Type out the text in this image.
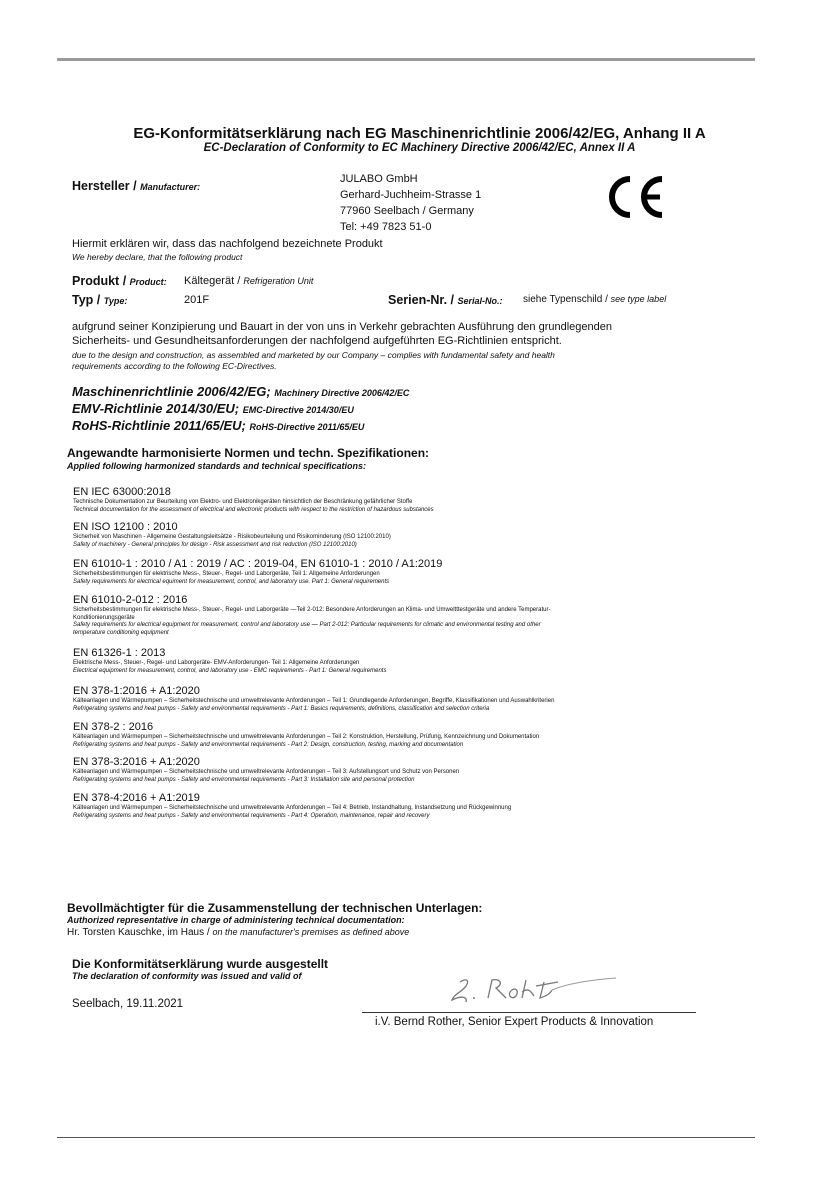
EG-Konformitätserklärung nach EG Maschinenrichtlinie 2006/42/EG, Anhang II A
EC-Declaration of Conformity to EC Machinery Directive 2006/42/EC, Annex II A
Hersteller / Manufacturer:
JULABO GmbH
Gerhard-Juchheim-Strasse 1
77960 Seelbach / Germany
Tel: +49 7823 51-0
Hiermit erklären wir, dass das nachfolgend bezeichnete Produkt
We hereby declare, that the following product
Produkt / Product: Kältegerät / Refrigeration Unit
Typ / Type:	201F	Serien-Nr. / Serial-No.: siehe Typenschild / see type label
aufgrund seiner Konzipierung und Bauart in der von uns in Verkehr gebrachten Ausführung den grundlegenden
Sicherheits- und Gesundheitsanforderungen der nachfolgend aufgeführten EG-Richtlinien entspricht.
due to the design and construction, as assembled and marketed by our Company – complies with fundamental safety and health
requirements according to the following EC-Directives.
Maschinenrichtlinie 2006/42/EG; Machinery Directive 2006/42/EC
EMV-Richtlinie 2014/30/EU; EMC-Directive 2014/30/EU
RoHS-Richtlinie 2011/65/EU; RoHS-Directive 2011/65/EU
Angewandte harmonisierte Normen und techn. Spezifikationen:
Applied following harmonized standards and technical specifications:
EN IEC 63000:2018
Technische Dokumentation zur Beurteilung von Elektro- und Elektronikgeräten hinsichtlich der Beschränkung gefährlicher Stoffe
Technical documentation for the assessment of electrical and electronic products with respect to the restriction of hazardous substances
EN ISO 12100 : 2010
Sicherheit von Maschinen - Allgemeine Gestaltungsleitsätze - Risikobeurteilung und Risikominderung (ISO 12100:2010)
Safety of machinery - General principles for design - Risk assessment and risk reduction (ISO 12100:2010)
EN 61010-1 : 2010 / A1 : 2019 / AC : 2019-04, EN 61010-1 : 2010 / A1:2019
Sicherheitsbestimmungen für elektrische Mess-, Steuer-, Regel- und Laborgeräte, Teil 1: Allgemeine Anforderungen
Safety requirements for electrical equiment for measurement, control, and laboratory use. Part 1: General requirements
EN 61010-2-012 : 2016
Sicherheitsbestimmungen für elektrische Mess-, Steuer-, Regel- und Laborgeräte —Teil 2-012: Besondere Anforderungen an Klima- und Umweltttestgeräte und andere Temperatur-
Konditionierungsgeräte
Safety requirements for electrical equipment for measurement, control and laboratory use — Part 2-012: Particular requirements for climatic and environmental testing and other
temperature conditioning equipment
EN 61326-1 : 2013
Elektrische Mess-, Steuer-, Regel- und Laborgeräte- EMV-Anforderungen- Teil 1: Allgemeine Anforderungen
Electrical equipment for measurement, control, and laboratory use - EMC requirements - Part 1: General requirements
EN 378-1:2016 + A1:2020
Kälteanlagen und Wärmepumpen – Sicherheitstechnische und umweltrelevante Anforderungen – Teil 1: Grundlegende Anforderungen, Begriffe, Klassifikationen und Auswahlkriterien
Refrigerating systems and heat pumps - Safety and environmental requirements - Part 1: Basics requirements, definitions, classification and selection criteria
EN 378-2 : 2016
Kälteanlagen und Wärmepumpen – Sicherheitstechnische und umweltrelevante Anforderungen – Teil 2: Konstruktion, Herstellung, Prüfung, Kennzeichnung und Dokumentation
Refrigerating systems and heat pumps - Safety and environmental requirements - Part 2: Design, construction, testing, marking and documentation
EN 378-3:2016 + A1:2020
Kälteanlagen und Wärmepumpen – Sicherheitstechnische und umweltrelevante Anforderungen – Teil 3: Aufstellungsort und Schutz von Personen
Refrigerating systems and heat pumps - Safety and environmental requirements - Part 3: Installation site and personal protection
EN 378-4:2016 + A1:2019
Kälteanlagen und Wärmepumpen – Sicherheitstechnische und umweltrelevante Anforderungen – Teil 4: Betrieb, Instandhaltung, Instandsetzung und Rückgewinnung
Refrigerating systems and heat pumps - Safety and environmental requirements - Part 4: Operation, maintenance, repair and recovery
Bevollmächtigter für die Zusammenstellung der technischen Unterlagen:
Authorized representative in charge of administering technical documentation:
Hr. Torsten Kauschke, im Haus / on the manufacturer's premises as defined above
Die Konformitätserklärung wurde ausgestellt
The declaration of conformity was issued and valid of
Seelbach, 19.11.2021
i.V. Bernd Rother, Senior Expert Products & Innovation
